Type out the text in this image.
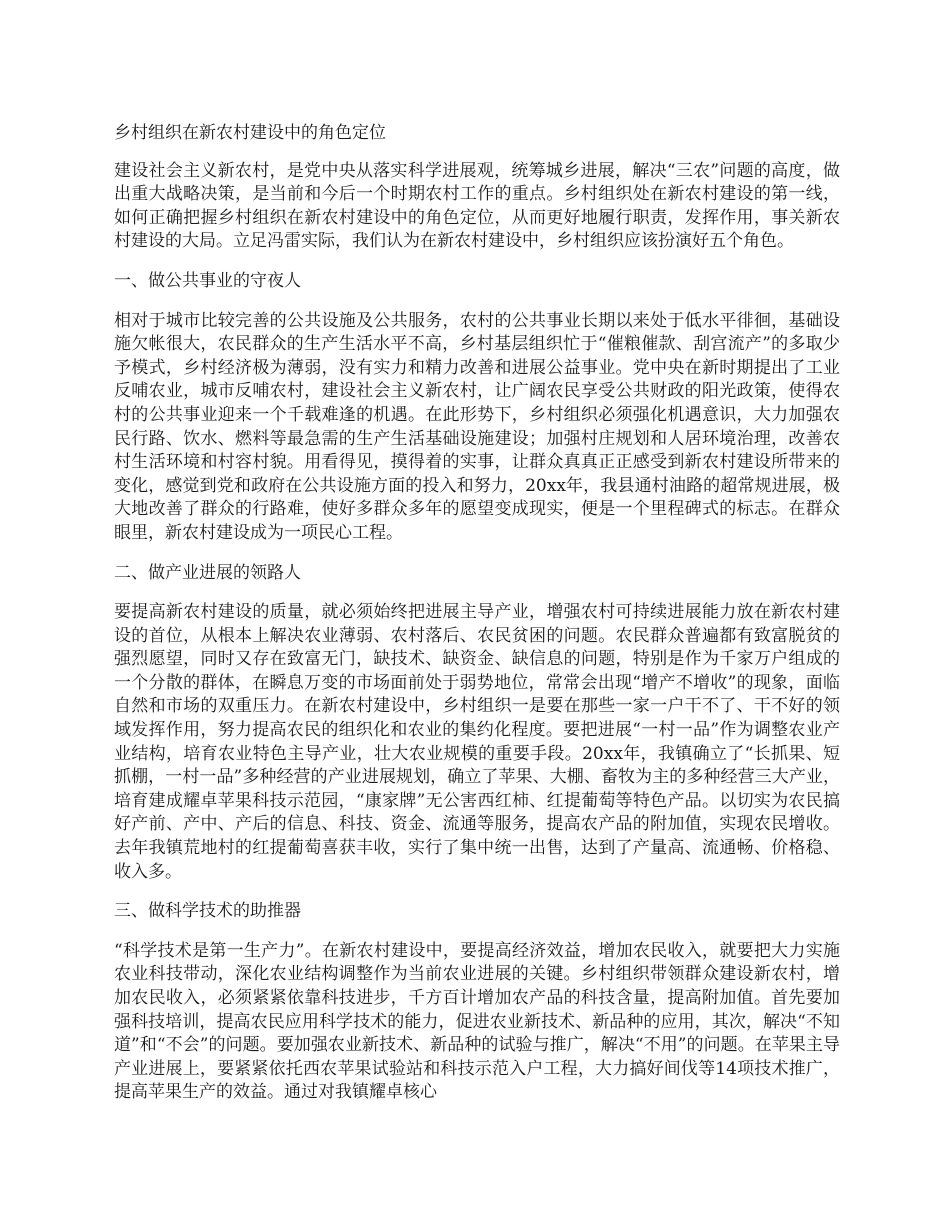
乡村组织在新农村建设中的角色定位

建设社会主义新农村，是党中央从落实科学进展观，统筹城乡进展，解决“三农”问题的高度，做出重大战略决策，是当前和今后一个时期农村工作的重点。乡村组织处在新农村建设的第一线，如何正确把握乡村组织在新农村建设中的角色定位，从而更好地履行职责，发挥作用，事关新农村建设的大局。立足冯雷实际，我们认为在新农村建设中，乡村组织应该扮演好五个角色。

一、做公共事业的守夜人

相对于城市比较完善的公共设施及公共服务，农村的公共事业长期以来处于低水平徘徊，基础设施欠帐很大，农民群众的生产生活水平不高，乡村基层组织忙于“催粮催款、刮宫流产”的多取少予模式，乡村经济极为薄弱，没有实力和精力改善和进展公益事业。党中央在新时期提出了工业反哺农业，城市反哺农村，建设社会主义新农村，让广阔农民享受公共财政的阳光政策，使得农村的公共事业迎来一个千载难逢的机遇。在此形势下，乡村组织必须强化机遇意识，大力加强农民行路、饮水、燃料等最急需的生产生活基础设施建设；加强村庄规划和人居环境治理，改善农村生活环境和村容村貌。用看得见，摸得着的实事，让群众真真正正感受到新农村建设所带来的变化，感觉到党和政府在公共设施方面的投入和努力，20xx年，我县通村油路的超常规进展，极大地改善了群众的行路难，使好多群众多年的愿望变成现实，便是一个里程碑式的标志。在群众眼里，新农村建设成为一项民心工程。

二、做产业进展的领路人

要提高新农村建设的质量，就必须始终把进展主导产业，增强农村可持续进展能力放在新农村建设的首位，从根本上解决农业薄弱、农村落后、农民贫困的问题。农民群众普遍都有致富脱贫的强烈愿望，同时又存在致富无门，缺技术、缺资金、缺信息的问题，特别是作为千家万户组成的一个分散的群体，在瞬息万变的市场面前处于弱势地位，常常会出现“增产不增收”的现象，面临自然和市场的双重压力。在新农村建设中，乡村组织一是要在那些一家一户干不了、干不好的领域发挥作用，努力提高农民的组织化和农业的集约化程度。要把进展“一村一品”作为调整农业产业结构，培育农业特色主导产业，壮大农业规模的重要手段。20xx年，我镇确立了“长抓果、短抓棚，一村一品”多种经营的产业进展规划，确立了苹果、大棚、畜牧为主的多种经营三大产业，培育建成耀卓苹果科技示范园，“康家牌”无公害西红柿、红提葡萄等特色产品。以切实为农民搞好产前、产中、产后的信息、科技、资金、流通等服务，提高农产品的附加值，实现农民增收。去年我镇荒地村的红提葡萄喜获丰收，实行了集中统一出售，达到了产量高、流通畅、价格稳、收入多。

三、做科学技术的助推器

“科学技术是第一生产力”。在新农村建设中，要提高经济效益，增加农民收入，就要把大力实施农业科技带动，深化农业结构调整作为当前农业进展的关键。乡村组织带领群众建设新农村，增加农民收入，必须紧紧依靠科技进步，千方百计增加农产品的科技含量，提高附加值。首先要加强科技培训，提高农民应用科学技术的能力，促进农业新技术、新品种的应用，其次，解决“不知道”和“不会”的问题。要加强农业新技术、新品种的试验与推广，解决“不用”的问题。在苹果主导产业进展上，要紧紧依托西农苹果试验站和科技示范入户工程，大力搞好间伐等14项技术推广，提高苹果生产的效益。通过对我镇耀卓核心
